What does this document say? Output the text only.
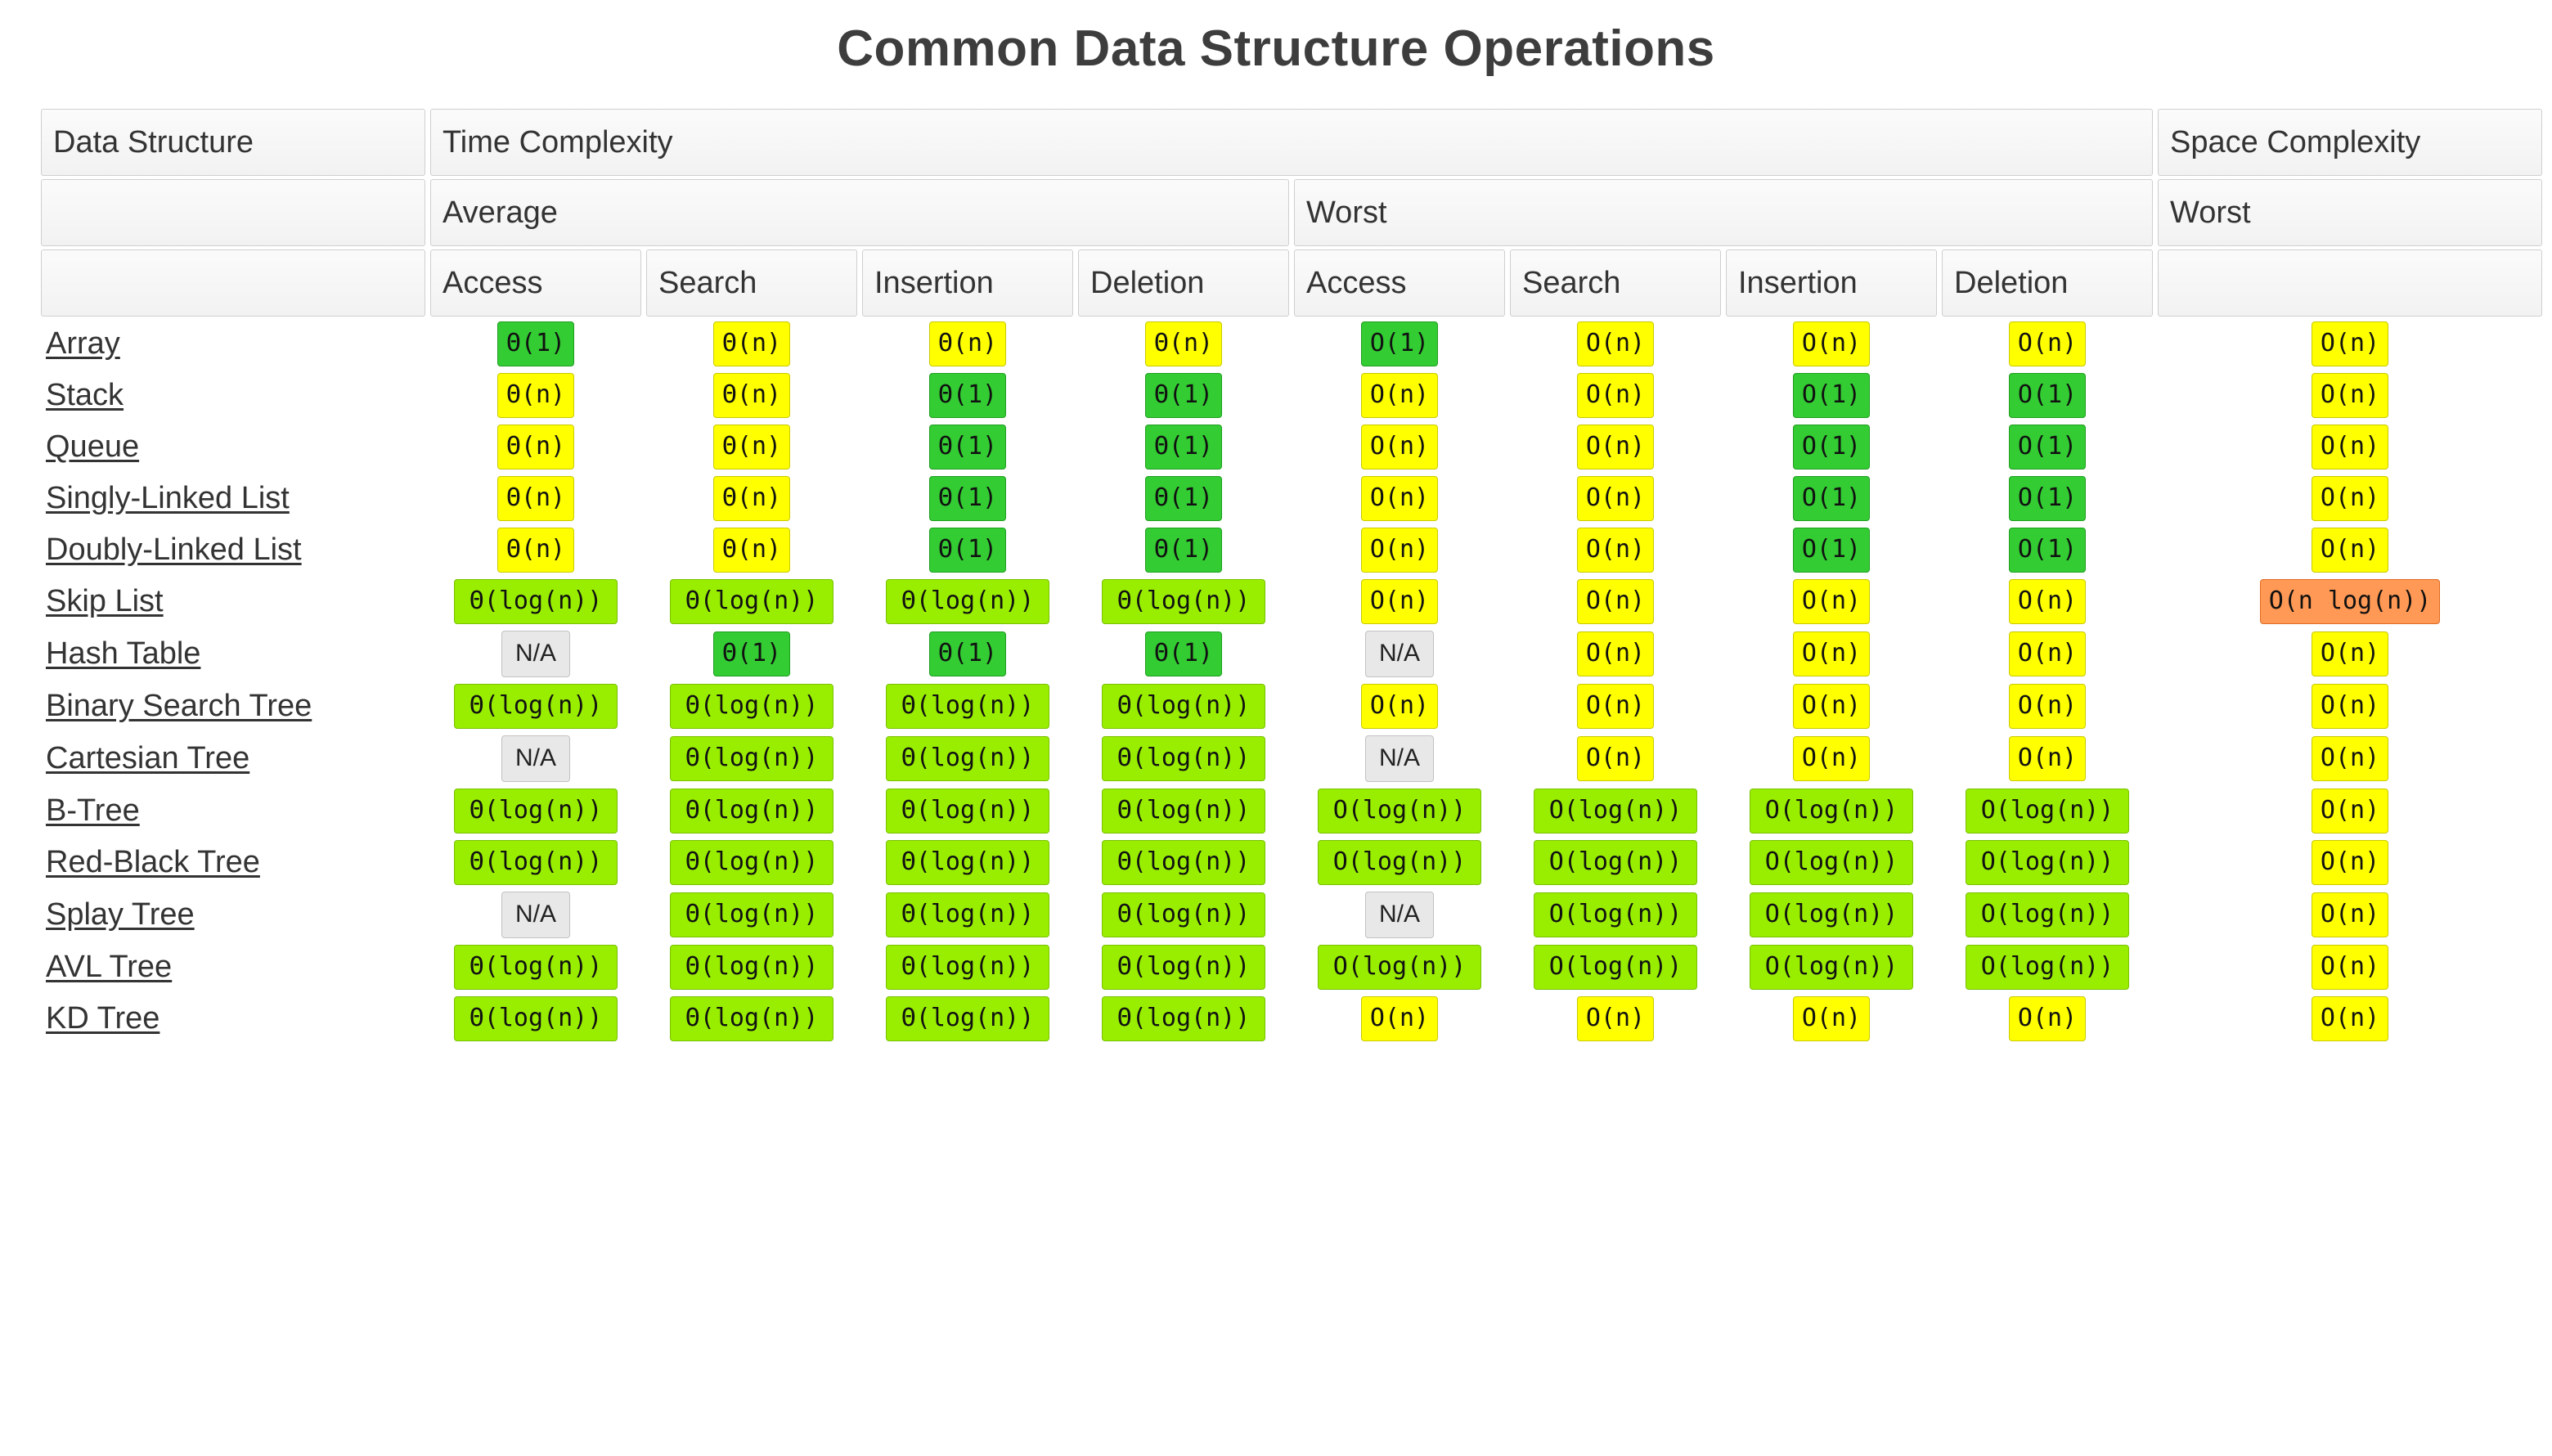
Common Data Structure Operations
Data Structure	Time Complexity								Space Complexity
	Average				Worst				Worst
	Access	Search	Insertion	Deletion	Access	Search	Insertion	Deletion	
Array	Θ(1)	Θ(n)	Θ(n)	Θ(n)	O(1)	O(n)	O(n)	O(n)	O(n)
Stack	Θ(n)	Θ(n)	Θ(1)	Θ(1)	O(n)	O(n)	O(1)	O(1)	O(n)
Queue	Θ(n)	Θ(n)	Θ(1)	Θ(1)	O(n)	O(n)	O(1)	O(1)	O(n)
Singly-Linked List	Θ(n)	Θ(n)	Θ(1)	Θ(1)	O(n)	O(n)	O(1)	O(1)	O(n)
Doubly-Linked List	Θ(n)	Θ(n)	Θ(1)	Θ(1)	O(n)	O(n)	O(1)	O(1)	O(n)
Skip List	Θ(log(n))	Θ(log(n))	Θ(log(n))	Θ(log(n))	O(n)	O(n)	O(n)	O(n)	O(n log(n))
Hash Table	N/A	Θ(1)	Θ(1)	Θ(1)	N/A	O(n)	O(n)	O(n)	O(n)
Binary Search Tree	Θ(log(n))	Θ(log(n))	Θ(log(n))	Θ(log(n))	O(n)	O(n)	O(n)	O(n)	O(n)
Cartesian Tree	N/A	Θ(log(n))	Θ(log(n))	Θ(log(n))	N/A	O(n)	O(n)	O(n)	O(n)
B-Tree	Θ(log(n))	Θ(log(n))	Θ(log(n))	Θ(log(n))	O(log(n))	O(log(n))	O(log(n))	O(log(n))	O(n)
Red-Black Tree	Θ(log(n))	Θ(log(n))	Θ(log(n))	Θ(log(n))	O(log(n))	O(log(n))	O(log(n))	O(log(n))	O(n)
Splay Tree	N/A	Θ(log(n))	Θ(log(n))	Θ(log(n))	N/A	O(log(n))	O(log(n))	O(log(n))	O(n)
AVL Tree	Θ(log(n))	Θ(log(n))	Θ(log(n))	Θ(log(n))	O(log(n))	O(log(n))	O(log(n))	O(log(n))	O(n)
KD Tree	Θ(log(n))	Θ(log(n))	Θ(log(n))	Θ(log(n))	O(n)	O(n)	O(n)	O(n)	O(n)
